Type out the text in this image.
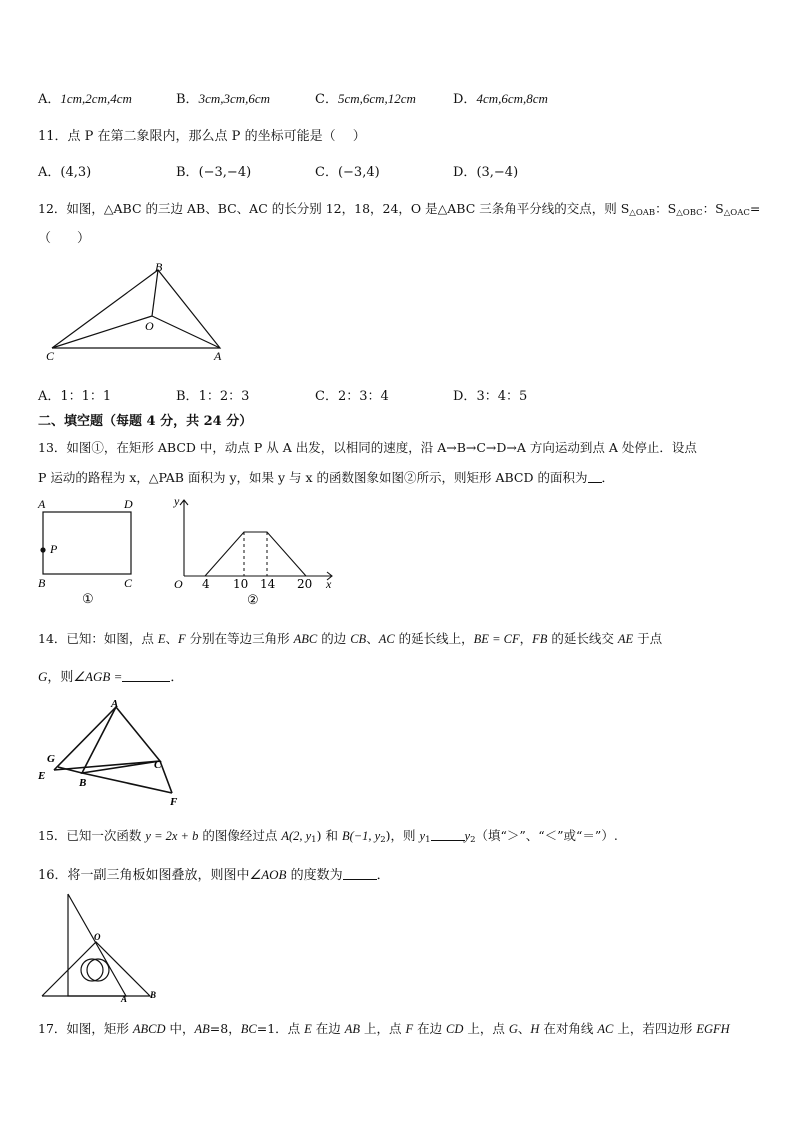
A．1cm,2cm,4cm	B．3cm,3cm,6cm	C．5cm,6cm,12cm	D．4cm,6cm,8cm
11．点 P 在第二象限内，那么点 P 的坐标可能是（　 ）
A．(4,3)	B．(−3,−4)	C．(−3,4)	D．(3,−4)
12．如图，△ABC 的三边 AB、BC、AC 的长分别 12，18，24，O 是△ABC 三条角平分线的交点，则 $S_{\triangle OAB}$：$S_{\triangle OBC}$：$S_{\triangle OAC}=$
（　　）
B
O
C	A
A．1：1：1	B．1：2：3	C．2：3：4	D．3：4：5
二、填空题（每题 4 分，共 24 分）
13．如图①，在矩形 ABCD 中，动点 P 从 A 出发，以相同的速度，沿 A→B→C→D→A 方向运动到点 A 处停止．设点
P 运动的路程为 x，△PAB 面积为 y，如果 y 与 x 的函数图象如图②所示，则矩形 ABCD 的面积为 ．
A	D
P
B	C
①
y
x
O 4 10 14 20
②
14．已知：如图，点 E、F 分别在等边三角形 ABC 的边 CB、AC 的延长线上，BE = CF，FB 的延长线交 AE 于点
G，则∠AGB =	．
A
G
E
B
C
F
15．已知一次函数 y = 2x + b 的图像经过点 A(2, $y_1$) 和 B(−1, $y_2$)，则 $y_1$	$y_2$（填“＞”、“＜”或“＝”）.
16．将一副三角板如图叠放，则图中∠AOB 的度数为	．
O
A	B
17．如图，矩形 ABCD 中，AB=8，BC=1．点 E 在边 AB 上，点 F 在边 CD 上，点 G、H 在对角线 AC 上，若四边形 EGFH
